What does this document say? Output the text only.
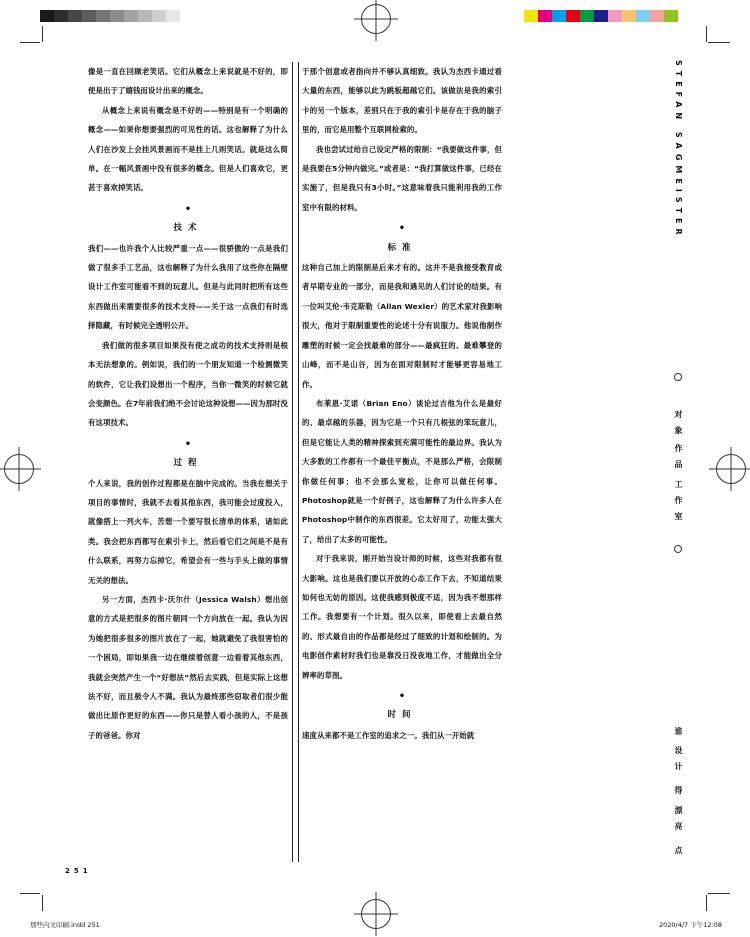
像是一直在回顾老笑话。它们从概念上来说就是不好的，即使是出于了嬉钱而设计出来的概念。

从概念上来说有概念是不好的——特别是有一个明确的概念——如果你想要强烈的可见性的话。这也解释了为什么人们在沙发上会挂风景画而不是挂上几则笑话。就是这么简单。在一幅风景画中没有很多的概念。但是人们喜欢它，更甚于喜欢掉笑话。

•

技术

我们——也许我个人比较严重一点——很骄傲的一点是我们做了很多手工艺品，这也解释了为什么我用了这些你在隔壁设计工作室可能看不到的玩意儿。但是与此同时把所有这些东西做出来需要很多的技术支持——关于这一点我们有时选择隐藏，有时候完全透明公开。

我们做的很多项目如果没有使之成功的技术支持则是根本无法想象的。例如说，我们的一个朋友知道一个检测微笑的软件，它让我们设想出一个程序，当你一微笑的时候它就会变颜色。在7年前我们绝不会讨论这种设想——因为那时没有这项技术。

•

过程

个人来说，我的创作过程都是在脑中完成的。当我在想关于项目的事情时，我就不去看其他东西，我可能会过度投入，就像搭上一列火车，苦想一个要写很长清单的体系，诸如此类。我会把东西都写在索引卡上，然后看它们之间是不是有什么联系，再努力忘掉它，希望会有一些与手头上做的事情无关的想法。

另一方面，杰西卡·沃尔什（Jessica Walsh）想出创意的方式是把很多的图片朝同一个方向放在一起。我认为因为她把很多很多的图片放在了一起，她就避免了我很害怕的一个困局，即如果我一边在继续着创意一边看着其他东西，我就会突然产生一个“好想法”然后去实践，但是实际上这想法不好，而且极令人不满。我认为最终那些窃取者们很少能做出比原作更好的东西——你只是替人看小孩的人，不是孩子的爸爸。你对

于那个创意或者指向并不够认真细致。我认为杰西卡通过看大量的东西，能够以此为跳板超越它们。该做法是我的索引卡的另一个版本，差别只在于我的索引卡是存在于我的脑子里的，而它是用整个互联网检索的。

我也尝试过给自己设定严格的限制：“我要做这件事，但是我要在5分钟内做完。”或者是：“我打算做这件事，已经在实施了，但是我只有3小时。”这意味着我只能利用我的工作室中有限的材料。

•

标准

这种自己加上的限制是后来才有的。这并不是我接受教育或者早期专业的一部分，而是我和遇见的人们讨论的结果。有一位叫艾伦·韦克斯勒（Allan Wexler）的艺术家对我影响很大，他对于限制重要性的论述十分有说服力。他说他制作雕塑的时候一定会找最难的部分——最疯狂的、最难攀登的山峰，而不是山谷，因为在面对限制时才能够更容易地工作。

布莱恩·艾诺（Brian Eno）谈论过吉他为什么是最好的、最卓越的乐器，因为它是一个只有几根弦的笨玩意儿，但是它能让人类的精神探索到充满可能性的最边界。我认为大多数的工作都有一个最佳平衡点，不是那么严格，会限制你做任何事；也不会那么宽松，让你可以做任何事。Photoshop就是一个好例子，这也解释了为什么许多人在Photoshop中制作的东西很差。它太好用了，功能太强大了，给出了太多的可能性。

对于我来说，刚开始当设计师的时候，这些对我都有很大影响。这也是我们要以开放的心态工作下去，不知道结果如何也无妨的原因。这使我感到极度不适，因为我不想那样工作。我想要有一个计划。很久以来，即使看上去最自然的、形式最自由的作品都是经过了细致的计划和绘制的。为电影创作素材时我们也是靠没日没夜地工作，才能做出全分辨率的草图。

•

时间

速度从来都不是工作室的追求之一。我们从一开始就

STEFAN SAGMEISTER
对象
作品
工作室
谁
设计
得
漂亮
点
251
那些内文印刷.indd 251	2020/4/7 下午12:08
